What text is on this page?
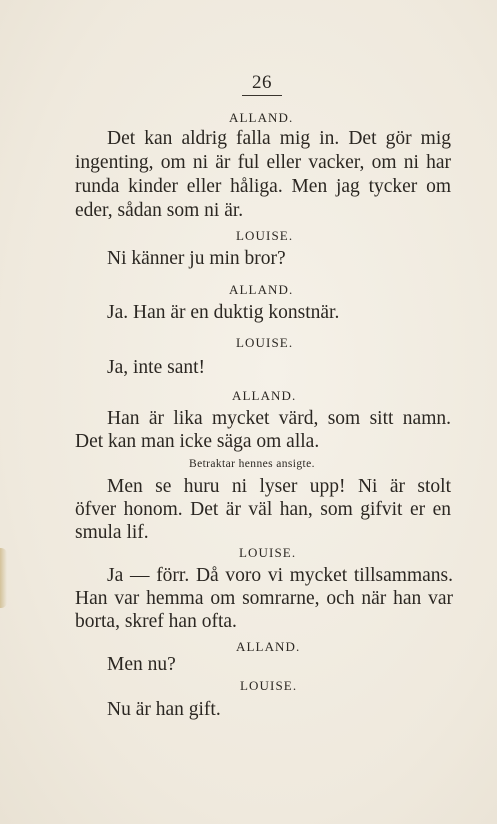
26
ALLAND.
Det kan aldrig falla mig in. Det gör mig
ingenting, om ni är ful eller vacker, om ni har
runda kinder eller håliga. Men jag tycker om
eder, sådan som ni är.
LOUISE.
Ni känner ju min bror?
ALLAND.
Ja. Han är en duktig konstnär.
LOUISE.
Ja, inte sant!
ALLAND.
Han är lika mycket värd, som sitt namn.
Det kan man icke säga om alla.
Betraktar hennes ansigte.
Men se huru ni lyser upp! Ni är stolt
öfver honom. Det är väl han, som gifvit er en
smula lif.
LOUISE.
Ja — förr. Då voro vi mycket tillsammans.
Han var hemma om somrarne, och när han var
borta, skref han ofta.
ALLAND.
Men nu?
LOUISE.
Nu är han gift.
